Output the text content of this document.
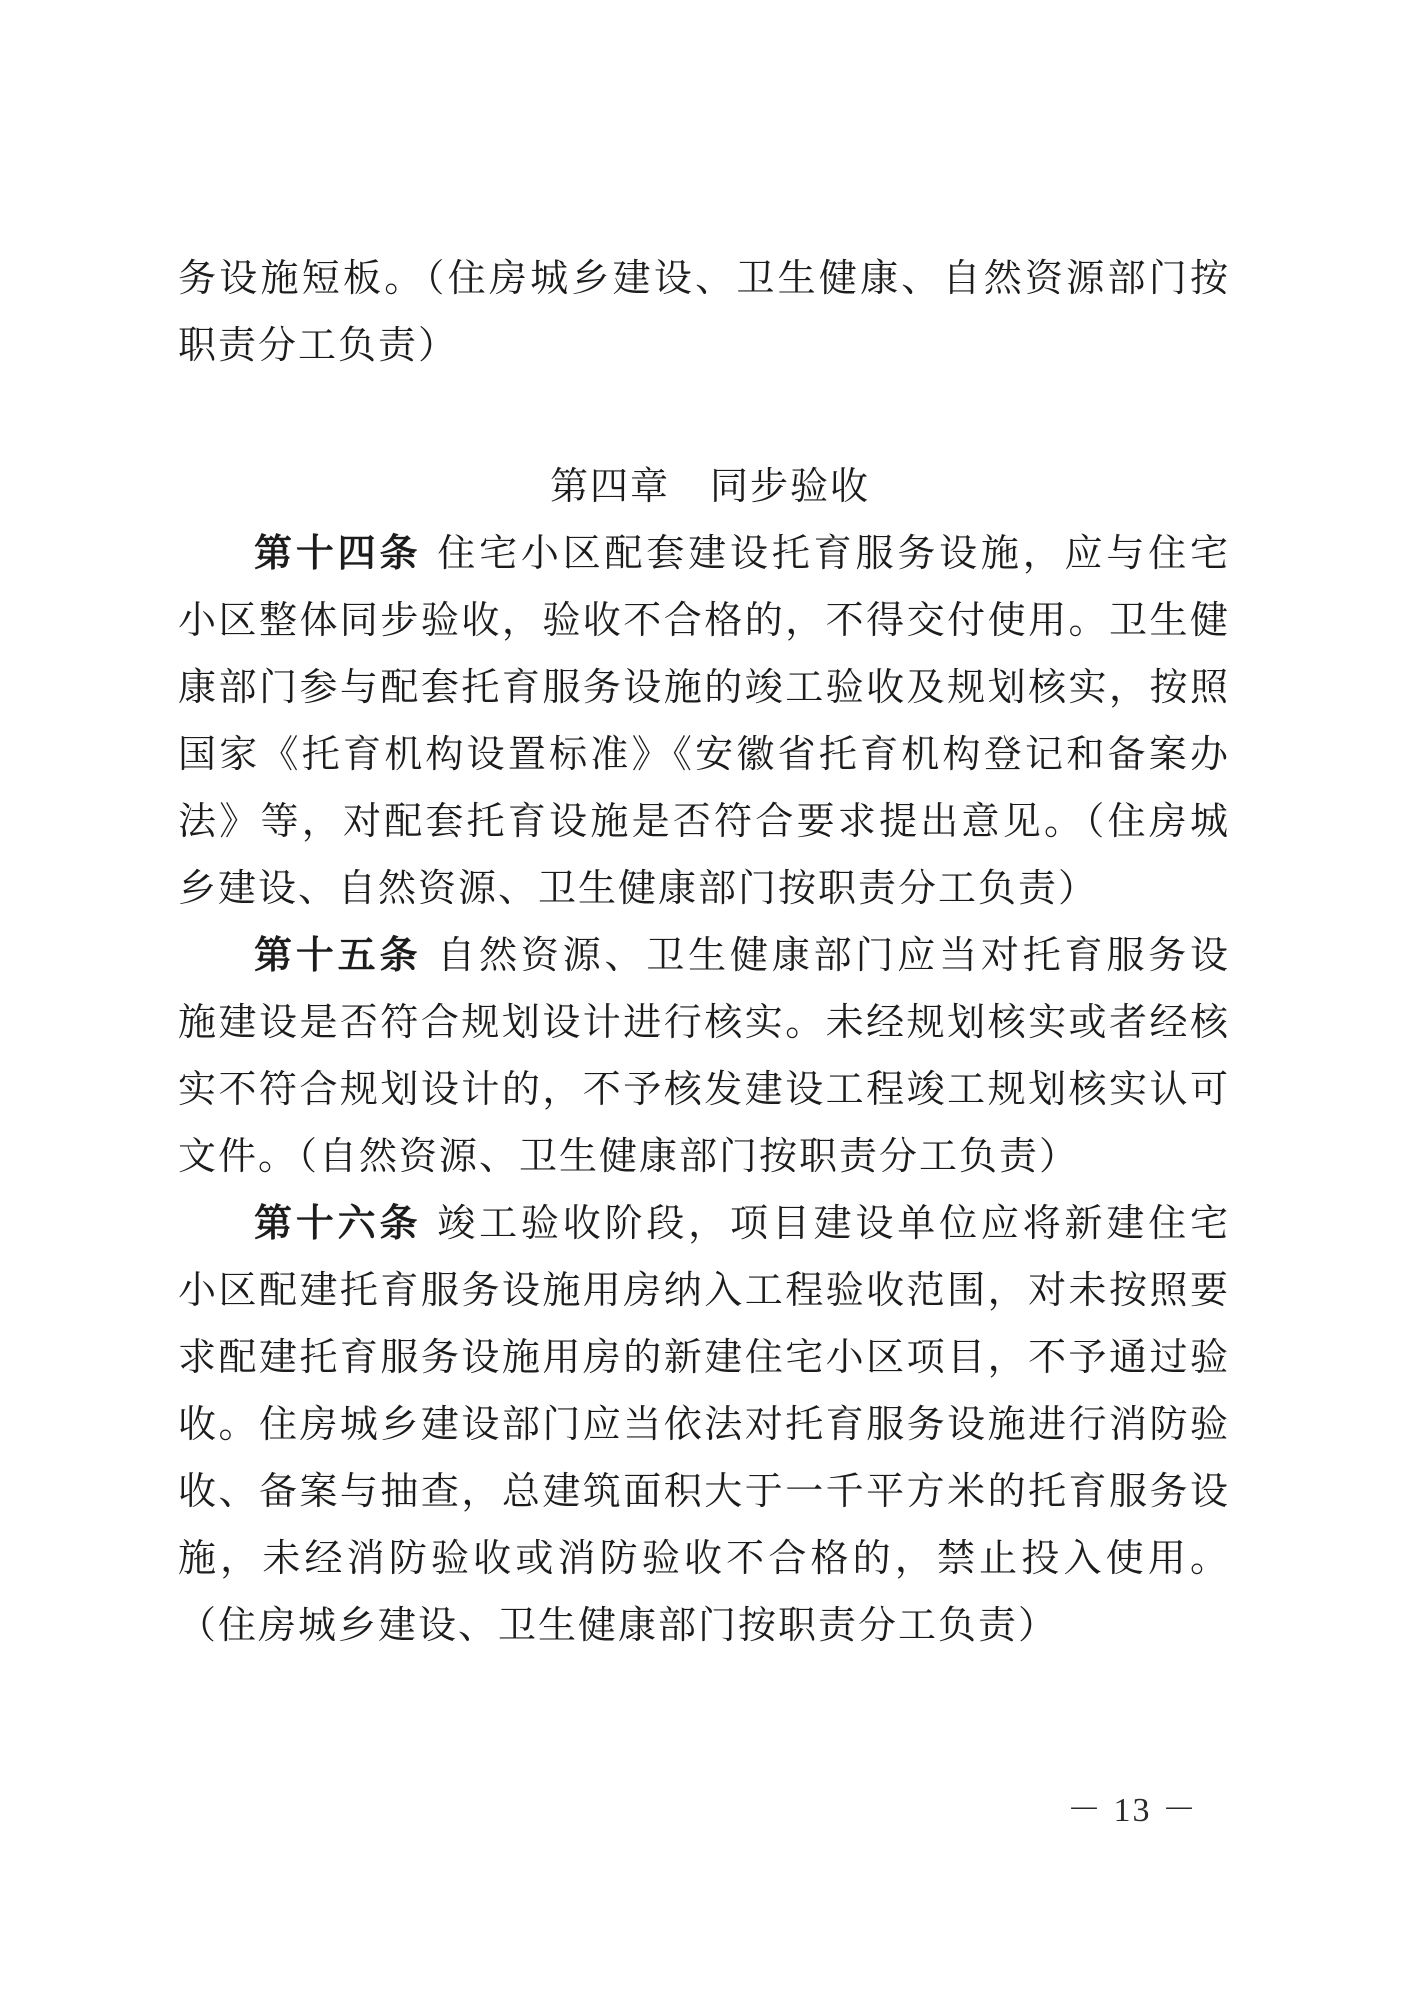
务设施短板。（住房城乡建设、卫生健康、自然资源部门按职责分工负责）

第四章　同步验收

第十四条 住宅小区配套建设托育服务设施，应与住宅小区整体同步验收，验收不合格的，不得交付使用。卫生健康部门参与配套托育服务设施的竣工验收及规划核实，按照国家《托育机构设置标准》《安徽省托育机构登记和备案办法》等，对配套托育设施是否符合要求提出意见。（住房城乡建设、自然资源、卫生健康部门按职责分工负责）

第十五条 自然资源、卫生健康部门应当对托育服务设施建设是否符合规划设计进行核实。未经规划核实或者经核实不符合规划设计的，不予核发建设工程竣工规划核实认可文件。（自然资源、卫生健康部门按职责分工负责）

第十六条 竣工验收阶段，项目建设单位应将新建住宅小区配建托育服务设施用房纳入工程验收范围，对未按照要求配建托育服务设施用房的新建住宅小区项目，不予通过验收。住房城乡建设部门应当依法对托育服务设施进行消防验收、备案与抽查，总建筑面积大于一千平方米的托育服务设施，未经消防验收或消防验收不合格的，禁止投入使用。（住房城乡建设、卫生健康部门按职责分工负责）

－ 13 －
